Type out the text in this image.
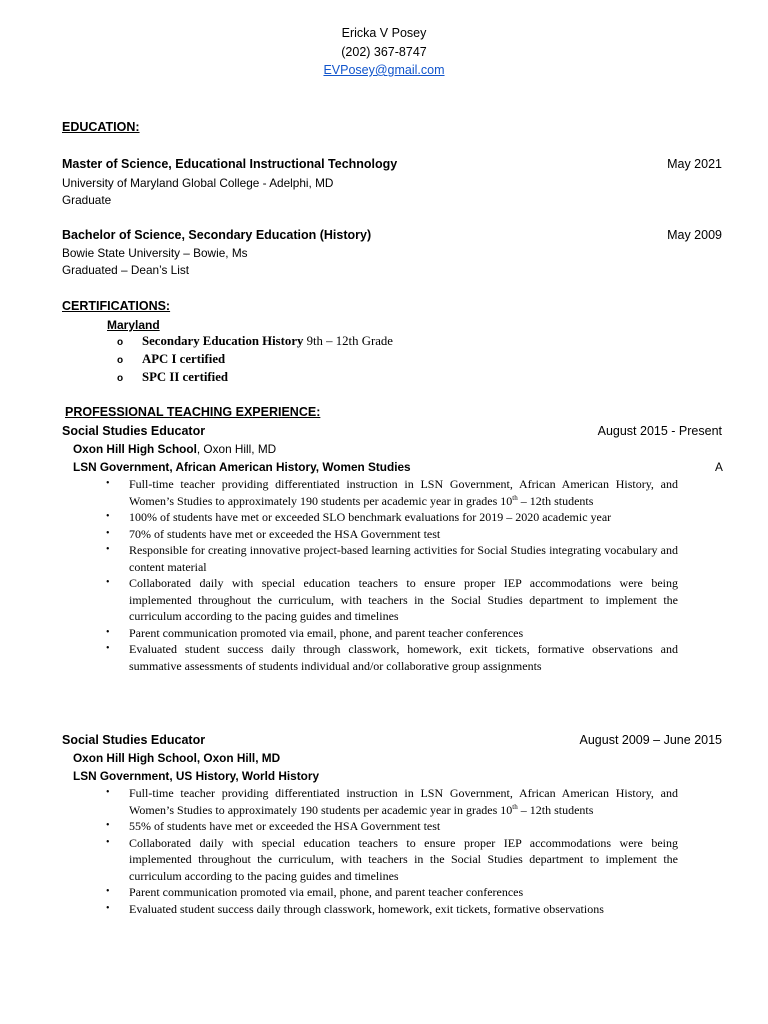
Ericka V Posey
(202) 367-8747
EVPosey@gmail.com
EDUCATION:
Master of Science, Educational Instructional Technology	May 2021
University of Maryland Global College - Adelphi, MD
Graduate
Bachelor of Science, Secondary Education (History)	May 2009
Bowie State University – Bowie, Ms
Graduated – Dean’s List
CERTIFICATIONS:
Maryland
o Secondary Education History 9th – 12th Grade
o APC I certified
o SPC II certified
PROFESSIONAL TEACHING EXPERIENCE:
Social Studies Educator	August 2015 - Present
Oxon Hill High School, Oxon Hill, MD
LSN Government, African American History, Women Studies	A
• Full-time teacher providing differentiated instruction in LSN Government, African American History, and Women’s Studies to approximately 190 students per academic year in grades 10th – 12th students
• 100% of students have met or exceeded SLO benchmark evaluations for 2019 – 2020 academic year
• 70% of students have met or exceeded the HSA Government test
• Responsible for creating innovative project-based learning activities for Social Studies integrating vocabulary and content material
• Collaborated daily with special education teachers to ensure proper IEP accommodations were being implemented throughout the curriculum, with teachers in the Social Studies department to implement the curriculum according to the pacing guides and timelines
• Parent communication promoted via email, phone, and parent teacher conferences
• Evaluated student success daily through classwork, homework, exit tickets, formative observations and summative assessments of students individual and/or collaborative group assignments
Social Studies Educator	August 2009 – June 2015
Oxon Hill High School, Oxon Hill, MD
LSN Government, US History, World History
• Full-time teacher providing differentiated instruction in LSN Government, African American History, and Women’s Studies to approximately 190 students per academic year in grades 10th – 12th students
• 55% of students have met or exceeded the HSA Government test
• Collaborated daily with special education teachers to ensure proper IEP accommodations were being implemented throughout the curriculum, with teachers in the Social Studies department to implement the curriculum according to the pacing guides and timelines
• Parent communication promoted via email, phone, and parent teacher conferences
• Evaluated student success daily through classwork, homework, exit tickets, formative observations
